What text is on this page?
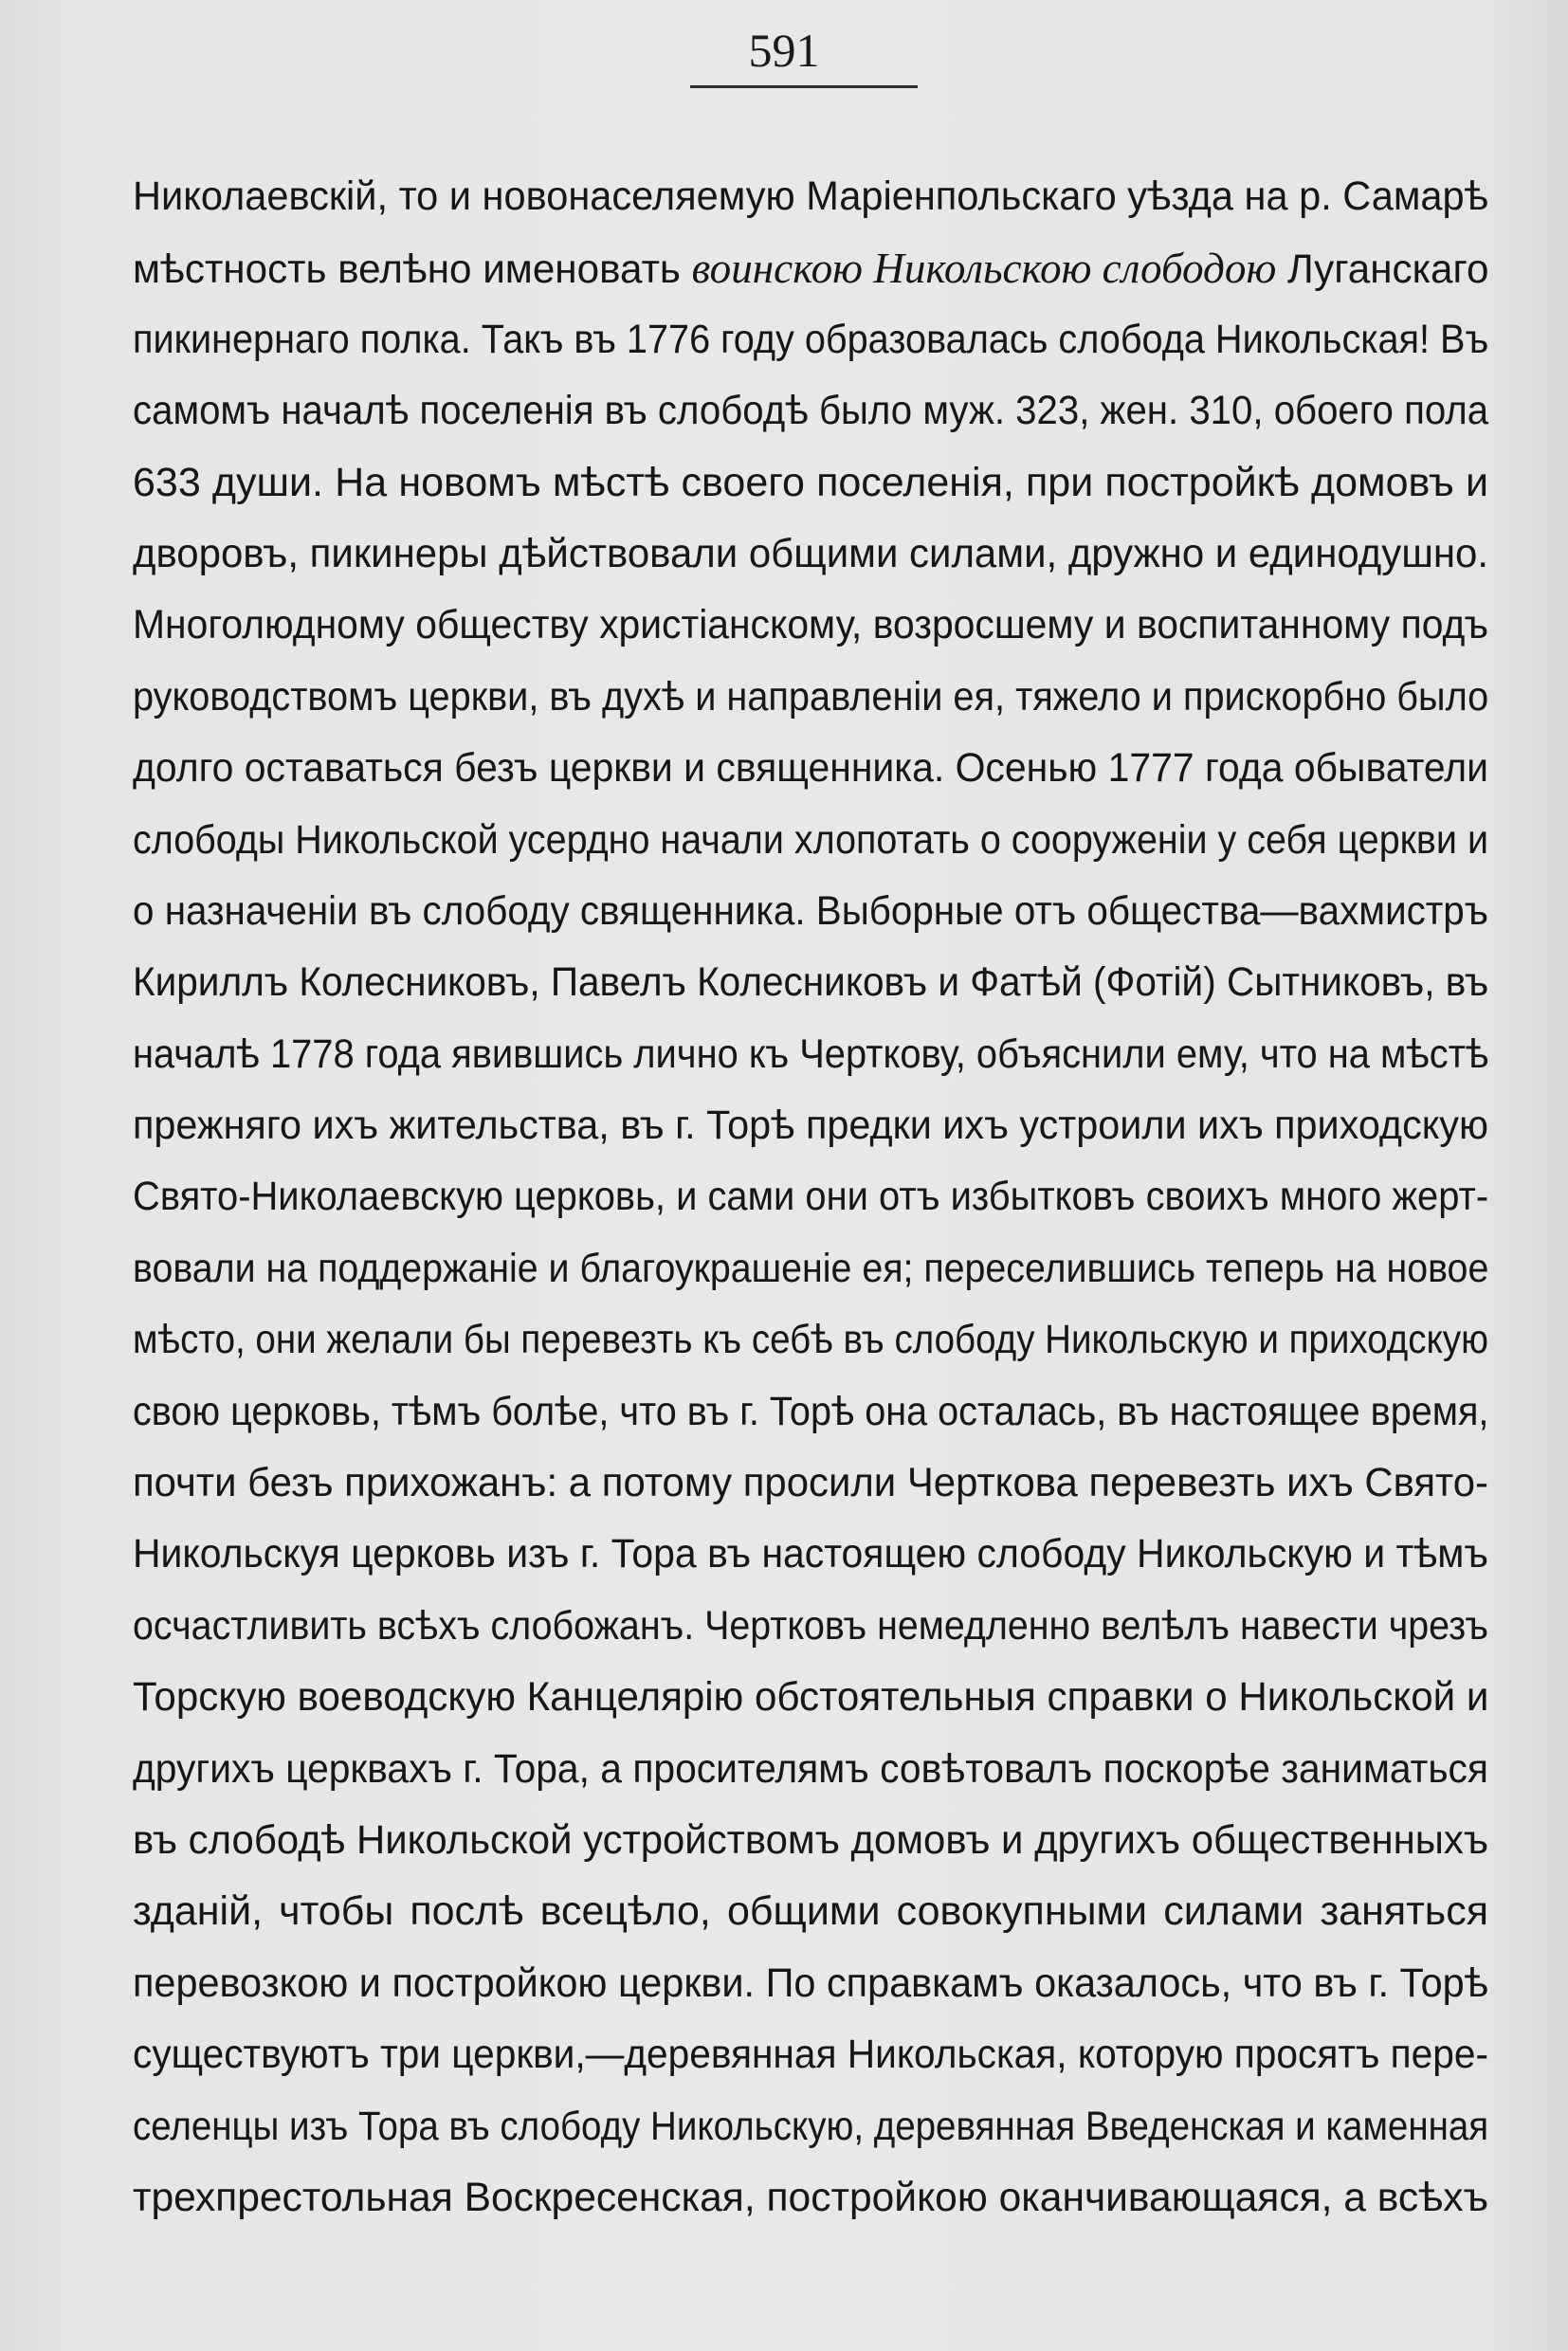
591
Николаевскій, то и новонаселяемую Маріенпольскаго уѣзда на р. Самарѣ
мѣстность велѣно именовать воинскою Никольскою слободою Луганскаго
пикинернаго полка. Такъ въ 1776 году образовалась слобода Никольская! Въ
самомъ началѣ поселенія въ слободѣ было муж. 323, жен. 310, обоего пола
633 души. На новомъ мѣстѣ своего поселенія, при постройкѣ домовъ и
дворовъ, пикинеры дѣйствовали общими силами, дружно и единодушно.
Многолюдному обществу христіанскому, возросшему и воспитанному подъ
руководствомъ церкви, въ духѣ и направленіи ея, тяжело и прискорбно было
долго оставаться безъ церкви и священника. Осенью 1777 года обыватели
слободы Никольской усердно начали хлопотать о сооруженіи у себя церкви и
о назначеніи въ слободу священника. Выборные отъ общества—вахмистръ
Кириллъ Колесниковъ, Павелъ Колесниковъ и Фатѣй (Фотій) Сытниковъ, въ
началѣ 1778 года явившись лично къ Черткову, объяснили ему, что на мѣстѣ
прежняго ихъ жительства, въ г. Торѣ предки ихъ устроили ихъ приходскую
Свято-Николаевскую церковь, и сами они отъ избытковъ своихъ много жерт-
вовали на поддержаніе и благоукрашеніе ея; переселившись теперь на новое
мѣсто, они желали бы перевезть къ себѣ въ слободу Никольскую и приходскую
свою церковь, тѣмъ болѣе, что въ г. Торѣ она осталась, въ настоящее время,
почти безъ прихожанъ: а потому просили Черткова перевезть ихъ Свято-
Никольскуя церковь изъ г. Тора въ настоящею слободу Никольскую и тѣмъ
осчастливить всѣхъ слобожанъ. Чертковъ немедленно велѣлъ навести чрезъ
Торскую воеводскую Канцелярію обстоятельныя справки о Никольской и
другихъ церквахъ г. Тора, а просителямъ совѣтовалъ поскорѣе заниматься
въ слободѣ Никольской устройствомъ домовъ и другихъ общественныхъ
зданій, чтобы послѣ всецѣло, общими совокупными силами заняться
перевозкою и постройкою церкви. По справкамъ оказалось, что въ г. Торѣ
существуютъ три церкви,—деревянная Никольская, которую просятъ пере-
селенцы изъ Тора въ слободу Никольскую, деревянная Введенская и каменная
трехпрестольная Воскресенская, постройкою оканчивающаяся, а всѣхъ
